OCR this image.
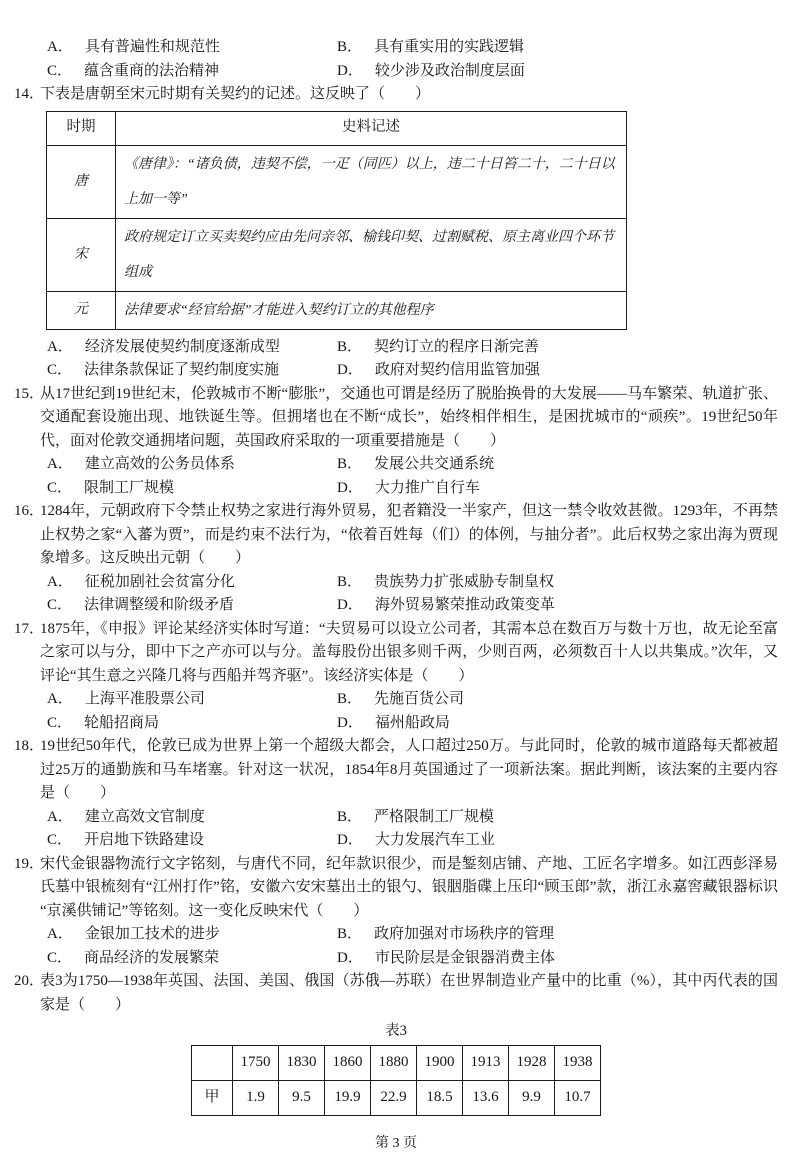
A． 具有普遍性和规范性	B． 具有重实用的实践逻辑
C． 蕴含重商的法治精神	D． 较少涉及政治制度层面
14．

下表是唐朝至宋元时期有关契约的记述。这反映了（　　）

时期	史料记述
唐	《唐律》：“诸负债，违契不偿，一疋（同匹）以上，违二十日笞二十，二十日以上加一等”
宋	政府规定订立买卖契约应由先问亲邻、榆钱印契、过割赋税、原主离业四个环节组成
元	法律要求“经官给据”才能进入契约订立的其他程序
A． 经济发展使契约制度逐渐成型	B． 契约订立的程序日渐完善
C． 法律条款保证了契约制度实施	D． 政府对契约信用监管加强
15．

从17世纪到19世纪末，伦敦城市不断“膨胀”，交通也可谓是经历了脱胎换骨的大发展——马车繁荣、轨道扩张、交通配套设施出现、地铁诞生等。但拥堵也在不断“成长”，始终相伴相生，是困扰城市的“顽疾”。19世纪50年代，面对伦敦交通拥堵问题，英国政府采取的一项重要措施是（　　）

A． 建立高效的公务员体系	B． 发展公共交通系统
C． 限制工厂规模	D． 大力推广自行车
16．

1284年，元朝政府下令禁止权势之家进行海外贸易，犯者籍没一半家产，但这一禁令收效甚微。1293年，不再禁止权势之家“入蕃为贾”，而是约束不法行为，“依着百姓每（们）的体例，与抽分者”。此后权势之家出海为贾现象增多。这反映出元朝（　　）

A． 征税加剧社会贫富分化	B． 贵族势力扩张威胁专制皇权
C． 法律调整缓和阶级矛盾	D． 海外贸易繁荣推动政策变革
17．

1875年，《申报》评论某经济实体时写道：“夫贸易可以设立公司者，其需本总在数百万与数十万也，故无论至富之家可以与分，即中下之产亦可以与分。盖每股份出银多则千两，少则百两，必须数百十人以共集成。”次年，又评论“其生意之兴隆几将与西船并驾齐驱”。该经济实体是（　　）

A． 上海平准股票公司	B． 先施百货公司
C． 轮船招商局	D． 福州船政局
18．

19世纪50年代，伦敦已成为世界上第一个超级大都会，人口超过250万。与此同时，伦敦的城市道路每天都被超过25万的通勤族和马车堵塞。针对这一状况，1854年8月英国通过了一项新法案。据此判断，该法案的主要内容是（　　）

A． 建立高效文官制度	B． 严格限制工厂规模
C． 开启地下铁路建设	D． 大力发展汽车工业
19．

宋代金银器物流行文字铭刻，与唐代不同，纪年款识很少，而是錾刻店铺、产地、工匠名字增多。如江西彭泽易氏墓中银梳刻有“江州打作”铭，安徽六安宋墓出土的银勺、银胭脂碟上压印“顾玉郎”款，浙江永嘉窖藏银器标识“京溪供铺记”等铭刻。这一变化反映宋代（　　）

A． 金银加工技术的进步	B． 政府加强对市场秩序的管理
C． 商品经济的发展繁荣	D． 市民阶层是金银器消费主体
20．

表3为1750—1938年英国、法国、美国、俄国（苏俄—苏联）在世界制造业产量中的比重（%），其中丙代表的国家是（　　）

表3
	1750	1830	1860	1880	1900	1913	1928	1938
甲	1.9	9.5	19.9	22.9	18.5	13.6	9.9	10.7
第 3 页
